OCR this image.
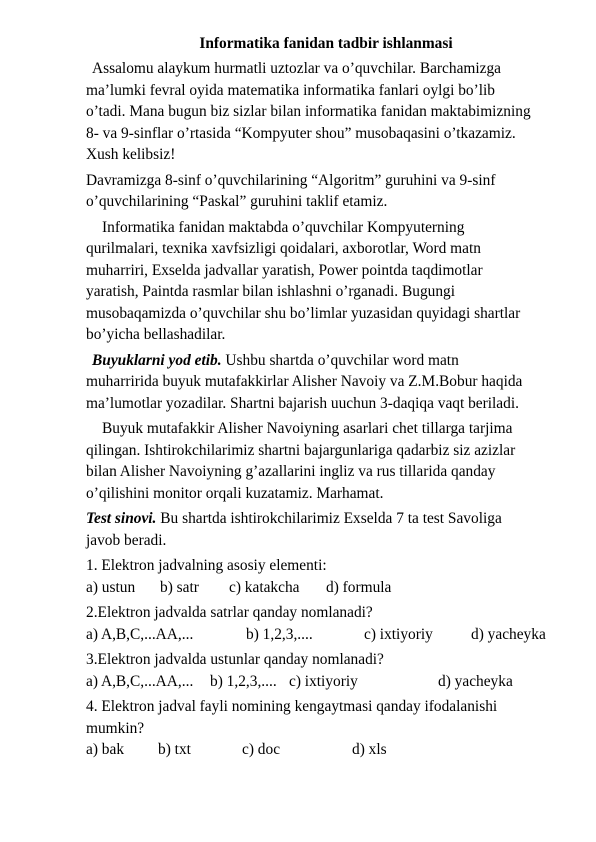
Informatika fanidan tadbir ishlanmasi

Assalomu alaykum hurmatli uztozlar va o’quvchilar. Barchamizga

ma’lumki fevral oyida matematika informatika fanlari oylgi bo’lib

o’tadi. Mana bugun biz sizlar bilan informatika fanidan maktabimizning

8- va 9-sinflar o’rtasida “Kompyuter shou” musobaqasini o’tkazamiz.

Xush kelibsiz!

Davramizga 8-sinf o’quvchilarining “Algoritm” guruhini va 9-sinf

o’quvchilarining “Paskal” guruhini taklif etamiz.

Informatika fanidan maktabda o’quvchilar Kompyuterning

qurilmalari, texnika xavfsizligi qoidalari, axborotlar, Word matn

muharriri, Exselda jadvallar yaratish, Power pointda taqdimotlar

yaratish, Paintda rasmlar bilan ishlashni o’rganadi. Bugungi

musobaqamizda o’quvchilar shu bo’limlar yuzasidan quyidagi shartlar

bo’yicha bellashadilar.

Buyuklarni yod etib. Ushbu shartda o’quvchilar word matn

muharririda buyuk mutafakkirlar Alisher Navoiy va Z.M.Bobur haqida

ma’lumotlar yozadilar. Shartni bajarish uuchun 3-daqiqa vaqt beriladi.

Buyuk mutafakkir Alisher Navoiyning asarlari chet tillarga tarjima

qilingan. Ishtirokchilarimiz shartni bajargunlariga qadarbiz siz azizlar

bilan Alisher Navoiyning g’azallarini ingliz va rus tillarida qanday

o’qilishini monitor orqali kuzatamiz. Marhamat.

Test sinovi. Bu shartda ishtirokchilarimiz Exselda 7 ta test Savoliga

javob beradi.

1. Elektron jadvalning asosiy elementi:

a) ustun b) satr c) katakcha d) formula

2.Elektron jadvalda satrlar qanday nomlanadi?

a) A,B,C,...AA,...	b) 1,2,3,....	c) ixtiyoriy d) yacheyka

3.Elektron jadvalda ustunlar qanday nomlanadi?

a) A,B,C,...AA,... b) 1,2,3,.... c) ixtiyoriy	d) yacheyka

4. Elektron jadval fayli nomining kengaytmasi qanday ifodalanishi

mumkin?

a) bak b) txt	c) doc	d) xls
